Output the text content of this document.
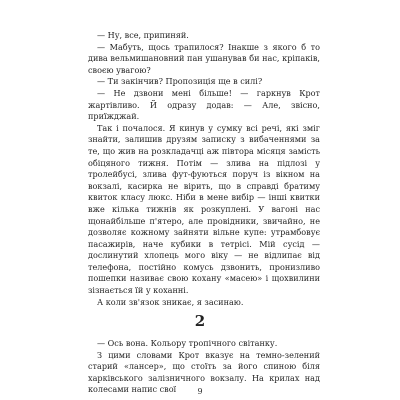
— Ну, все, припиняй.

— Мабуть, щось трапилося? Інакше з якого б то дива вельмишановний пан ушанував би нас, кріпаків, своєю увагою?

— Ти закінчив? Пропозиція ще в силі?

— Не дзвони мені більше! — гаркнув Крот жартівливо. Й одразу додав: — Але, звісно, приїжджай.

Так і почалося. Я кинув у сумку всі речі, які зміг знайти, залишив друзям записку з вибаченнями за те, що жив на розкладачці аж півтора місяця замість обіцяного тижня. Потім — злива на підлозі у тролейбусі, злива фут-фуються поруч із вікном на вокзалі, касирка не вірить, що в справді братиму квиток класу люкс. Ніби в мене вибір — інші квитки вже кілька тижнів як розкуплені. У вагоні нас щонайбільше п'ятеро, але провідники, звичайно, не дозволяє кожному зайняти вільне купе: утрамбовує пасажирів, наче кубики в тетрісі. Мій сусід — дослинутий хлопець мого віку — не відлипає від телефона, постійно комусь дзвонить, пронизливо пошепки називає свою кохану «масею» і щохвилини зізнається їй у коханні.

А коли зв'язок зникає, я засинаю.

2

— Ось вона. Кольору тропічного світанку.

З цими словами Крот вказує на темно-зелений старий «лансер», що стоїть за його спиною біля харківського залізничного вокзалу. На крилах над колесами напис свої	9
